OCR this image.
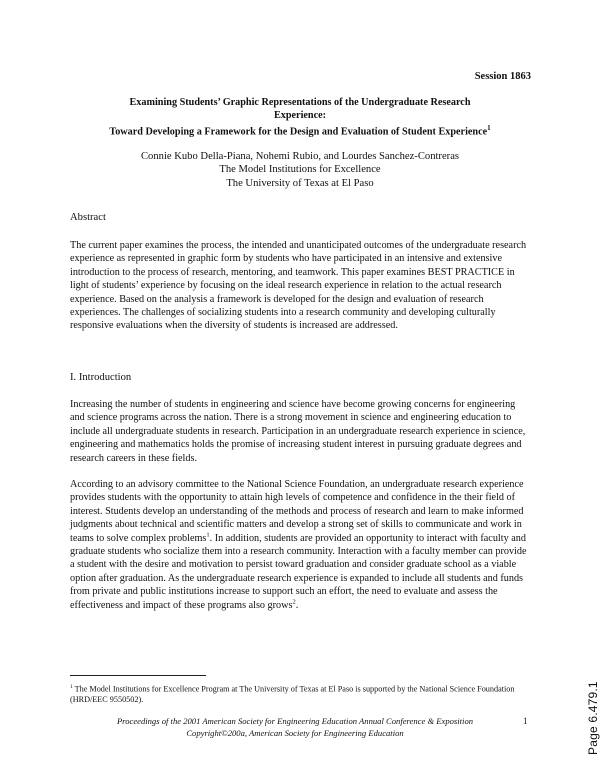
Session 1863
Examining Students’ Graphic Representations of the Undergraduate Research
Experience:
Toward Developing a Framework for the Design and Evaluation of Student Experience$^1$
Connie Kubo Della-Piana, Nohemi Rubio, and Lourdes Sanchez-Contreras
The Model Institutions for Excellence
The University of Texas at El Paso
Abstract
The current paper examines the process, the intended and unanticipated outcomes of the undergraduate research experience as represented in graphic form by students who have participated in an intensive and extensive introduction to the process of research, mentoring, and teamwork. This paper examines BEST PRACTICE in light of students’ experience by focusing on the ideal research experience in relation to the actual research experience. Based on the analysis a framework is developed for the design and evaluation of research experiences. The challenges of socializing students into a research community and developing culturally responsive evaluations when the diversity of students is increased are addressed.
I. Introduction
Increasing the number of students in engineering and science have become growing concerns for engineering and science programs across the nation. There is a strong movement in science and engineering education to include all undergraduate students in research. Participation in an undergraduate research experience in science, engineering and mathematics holds the promise of increasing student interest in pursuing graduate degrees and research careers in these fields.
According to an advisory committee to the National Science Foundation, an undergraduate research experience provides students with the opportunity to attain high levels of competence and confidence in the their field of interest. Students develop an understanding of the methods and process of research and learn to make informed judgments about technical and scientific matters and develop a strong set of skills to communicate and work in teams to solve complex problems$^1$. In addition, students are provided an opportunity to interact with faculty and graduate students who socialize them into a research community. Interaction with a faculty member can provide a student with the desire and motivation to persist toward graduation and consider graduate school as a viable option after graduation. As the undergraduate research experience is expanded to include all students and funds from private and public institutions increase to support such an effort, the need to evaluate and assess the effectiveness and impact of these programs also grows$^2$.
$^1$ The Model Institutions for Excellence Program at The University of Texas at El Paso is supported by the National Science Foundation (HRD/EEC 9550502).
Proceedings of the 2001 American Society for Engineering Education Annual Conference & Exposition
Copyright©200a, American Society for Engineering Education
1	Page 6.479.1
